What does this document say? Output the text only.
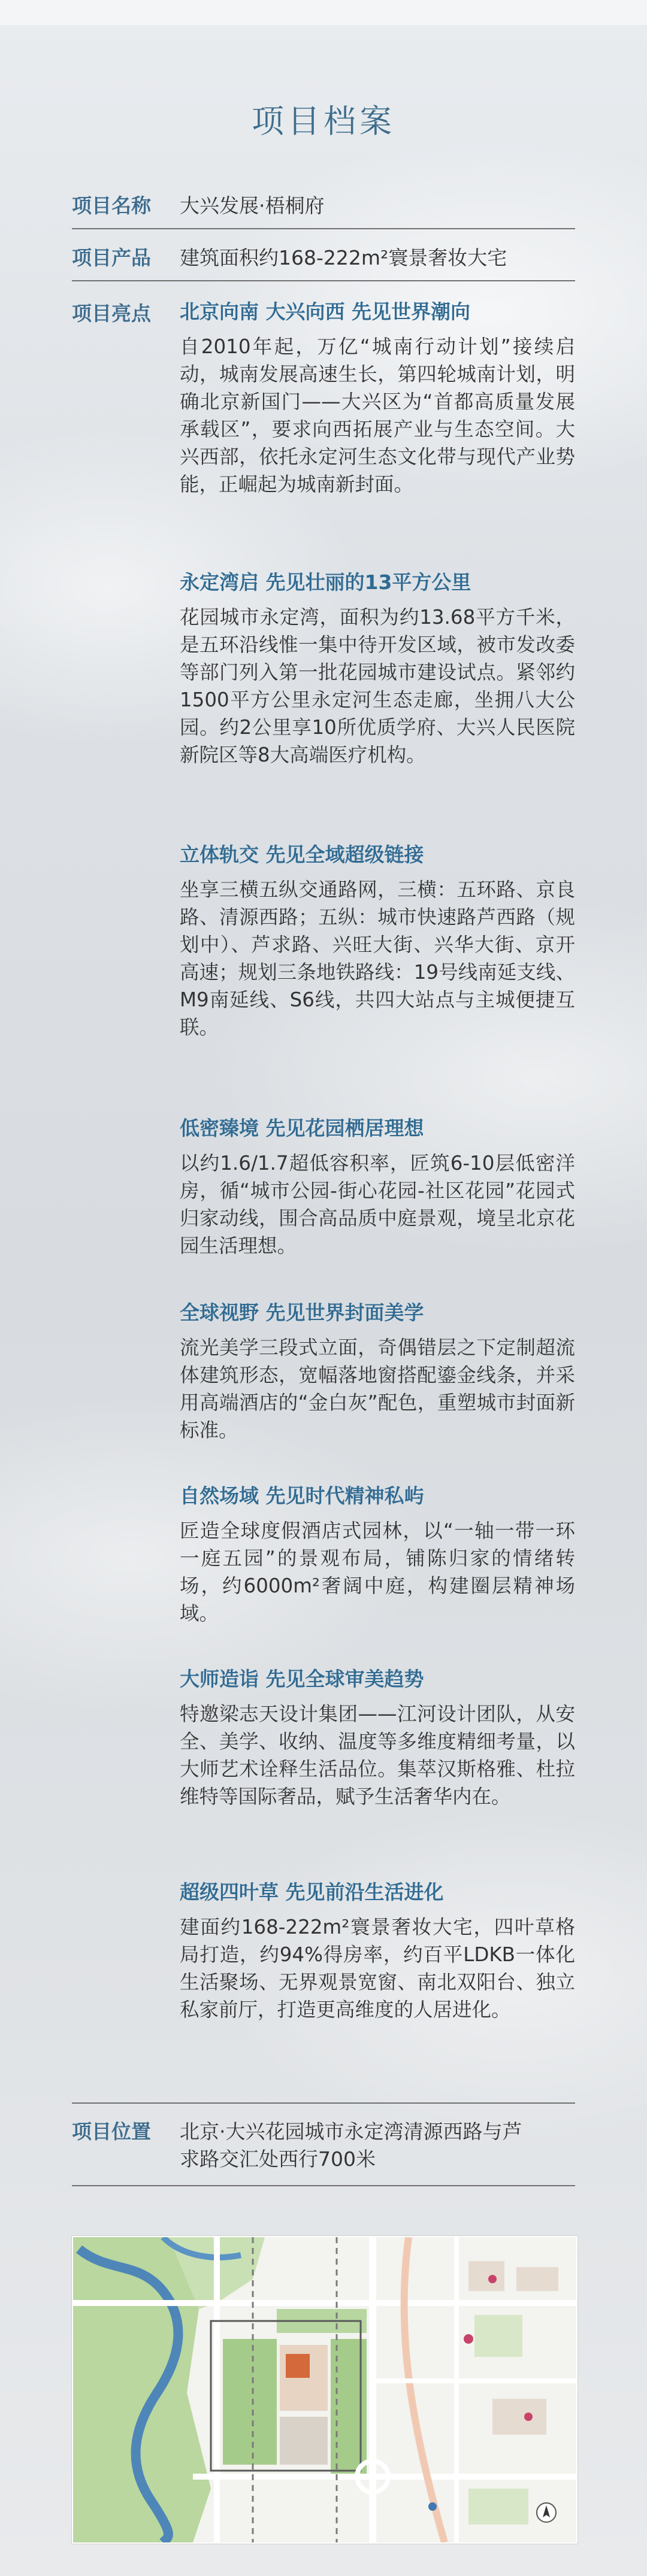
项目档案
项目名称 大兴发展·梧桐府
项目产品 建筑面积约168-222m²寰景奢妆大宅
项目亮点 北京向南 大兴向西 先见世界潮向

自2010年起，万亿“城南行动计划”接续启动，城南发展高速生长，第四轮城南计划，明确北京新国门——大兴区为“首都高质量发展承载区”，要求向西拓展产业与生态空间。大兴西部，依托永定河生态文化带与现代产业势能，正崛起为城南新封面。

永定湾启 先见壮丽的13平方公里

花园城市永定湾，面积为约13.68平方千米，是五环沿线惟一集中待开发区域，被市发改委等部门列入第一批花园城市建设试点。紧邻约1500平方公里永定河生态走廊，坐拥八大公园。约2公里享10所优质学府、大兴人民医院新院区等8大高端医疗机构。

立体轨交 先见全域超级链接

坐享三横五纵交通路网，三横：五环路、京良路、清源西路；五纵：城市快速路芦西路（规划中）、芦求路、兴旺大街、兴华大街、京开高速；规划三条地铁路线：19号线南延支线、M9南延线、S6线，共四大站点与主城便捷互联。

低密臻境 先见花园栖居理想

以约1.6/1.7超低容积率，匠筑6-10层低密洋房，循“城市公园-街心花园-社区花园”花园式归家动线，围合高品质中庭景观，境呈北京花园生活理想。

全球视野 先见世界封面美学

流光美学三段式立面，奇偶错层之下定制超流体建筑形态，宽幅落地窗搭配鎏金线条，并采用高端酒店的“金白灰”配色，重塑城市封面新标准。

自然场域 先见时代精神私屿

匠造全球度假酒店式园林，以“一轴一带一环一庭五园”的景观布局，铺陈归家的情绪转场，约6000m²奢阔中庭，构建圈层精神场域。

大师造诣 先见全球审美趋势

特邀梁志天设计集团——江河设计团队，从安全、美学、收纳、温度等多维度精细考量，以大师艺术诠释生活品位。集萃汉斯格雅、杜拉维特等国际奢品，赋予生活奢华内在。

超级四叶草 先见前沿生活进化

建面约168-222m²寰景奢妆大宅，四叶草格局打造，约94%得房率，约百平LDKB一体化生活聚场、无界观景宽窗、南北双阳台、独立私家前厅，打造更高维度的人居进化。

项目位置 北京·大兴花园城市永定湾清源西路与芦
求路交汇处西行700米
